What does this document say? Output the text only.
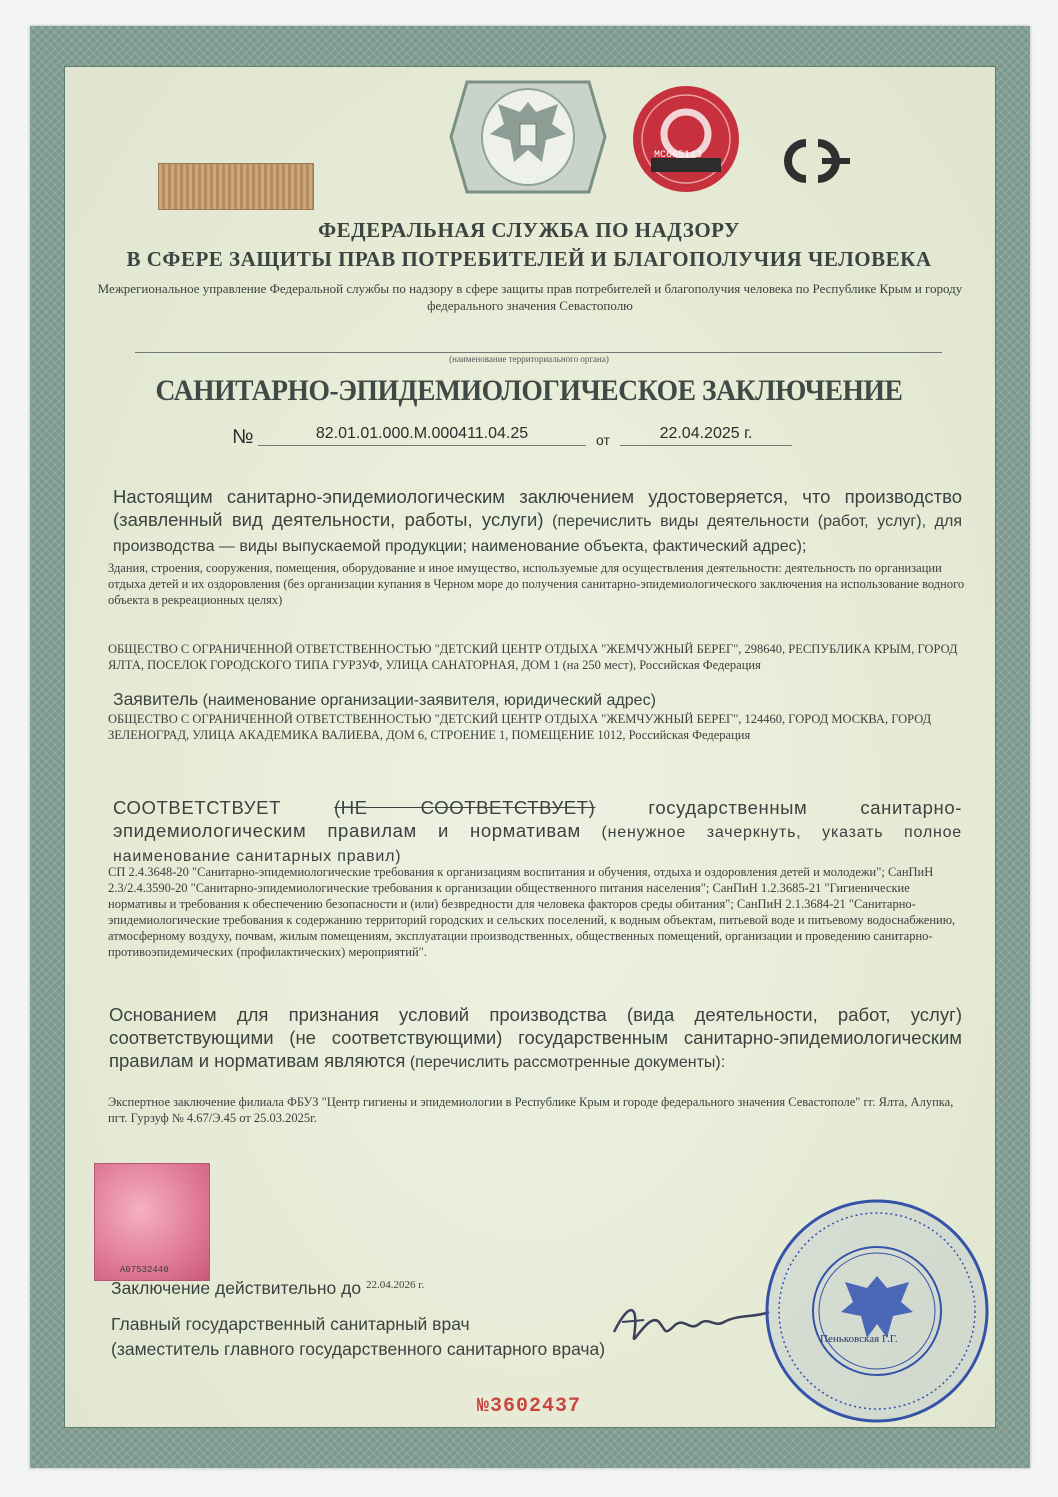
MC665143
ФЕДЕРАЛЬНАЯ СЛУЖБА ПО НАДЗОРУ
В СФЕРЕ ЗАЩИТЫ ПРАВ ПОТРЕБИТЕЛЕЙ И БЛАГОПОЛУЧИЯ ЧЕЛОВЕКА
Межрегиональное управление Федеральной службы по надзору в сфере защиты прав потребителей и благополучия человека по Республике Крым и городу федерального значения Севастополю
(наименование территориального органа)
САНИТАРНО-ЭПИДЕМИОЛОГИЧЕСКОЕ ЗАКЛЮЧЕНИЕ
№	82.01.01.000.М.000411.04.25	от	22.04.2025 г.
Настоящим санитарно-эпидемиологическим заключением удостоверяется, что производство (заявленный вид деятельности, работы, услуги) (перечислить виды деятельности (работ, услуг), для производства — виды выпускаемой продукции; наименование объекта, фактический адрес);
Здания, строения, сооружения, помещения, оборудование и иное имущество, используемые для осуществления деятельности: деятельность по организации отдыха детей и их оздоровления (без организации купания в Черном море до получения санитарно-эпидемиологического заключения на использование водного объекта в рекреационных целях)
ОБЩЕСТВО С ОГРАНИЧЕННОЙ ОТВЕТСТВЕННОСТЬЮ "ДЕТСКИЙ ЦЕНТР ОТДЫХА "ЖЕМЧУЖНЫЙ БЕРЕГ", 298640, РЕСПУБЛИКА КРЫМ, ГОРОД ЯЛТА, ПОСЕЛОК ГОРОДСКОГО ТИПА ГУРЗУФ, УЛИЦА САНАТОРНАЯ, ДОМ 1 (на 250 мест), Российская Федерация
Заявитель (наименование организации-заявителя, юридический адрес)
ОБЩЕСТВО С ОГРАНИЧЕННОЙ ОТВЕТСТВЕННОСТЬЮ "ДЕТСКИЙ ЦЕНТР ОТДЫХА "ЖЕМЧУЖНЫЙ БЕРЕГ", 124460, ГОРОД МОСКВА, ГОРОД ЗЕЛЕНОГРАД, УЛИЦА АКАДЕМИКА ВАЛИЕВА, ДОМ 6, СТРОЕНИЕ 1, ПОМЕЩЕНИЕ 1012, Российская Федерация
СООТВЕТСТВУЕТ	(НЕ СООТВЕТСТВУЕТ) государственным санитарно-эпидемиологическим правилам и нормативам (ненужное зачеркнуть, указать полное наименование санитарных правил)
СП 2.4.3648-20 "Санитарно-эпидемиологические требования к организациям воспитания и обучения, отдыха и оздоровления детей и молодежи"; СанПиН 2.3/2.4.3590-20 "Санитарно-эпидемиологические требования к организации общественного питания населения"; СанПиН 1.2.3685-21 "Гигиенические нормативы и требования к обеспечению безопасности и (или) безвредности для человека факторов среды обитания"; СанПиН 2.1.3684-21 "Санитарно-эпидемиологические требования к содержанию территорий городских и сельских поселений, к водным объектам, питьевой воде и питьевому водоснабжению, атмосферному воздуху, почвам, жилым помещениям, эксплуатации производственных, общественных помещений, организации и проведению санитарно-противоэпидемических (профилактических) мероприятий".
Основанием для признания условий производства (вида деятельности, работ, услуг) соответствующими (не соответствующими) государственным санитарно-эпидемиологическим правилам и нормативам являются (перечислить рассмотренные документы):
Экспертное заключение филиала ФБУЗ "Центр гигиены и эпидемиологии в Республике Крым и городе федерального значения Севастополе" гг. Ялта, Алупка, пгт. Гурзуф № 4.67/Э.45 от 25.03.2025г.
A07532440
Заключение действительно до $^{22.04.2026 г.}$
Главный государственный санитарный врач
(заместитель главного государственного санитарного врача)	Пеньковская Г.Г.
№3602437
